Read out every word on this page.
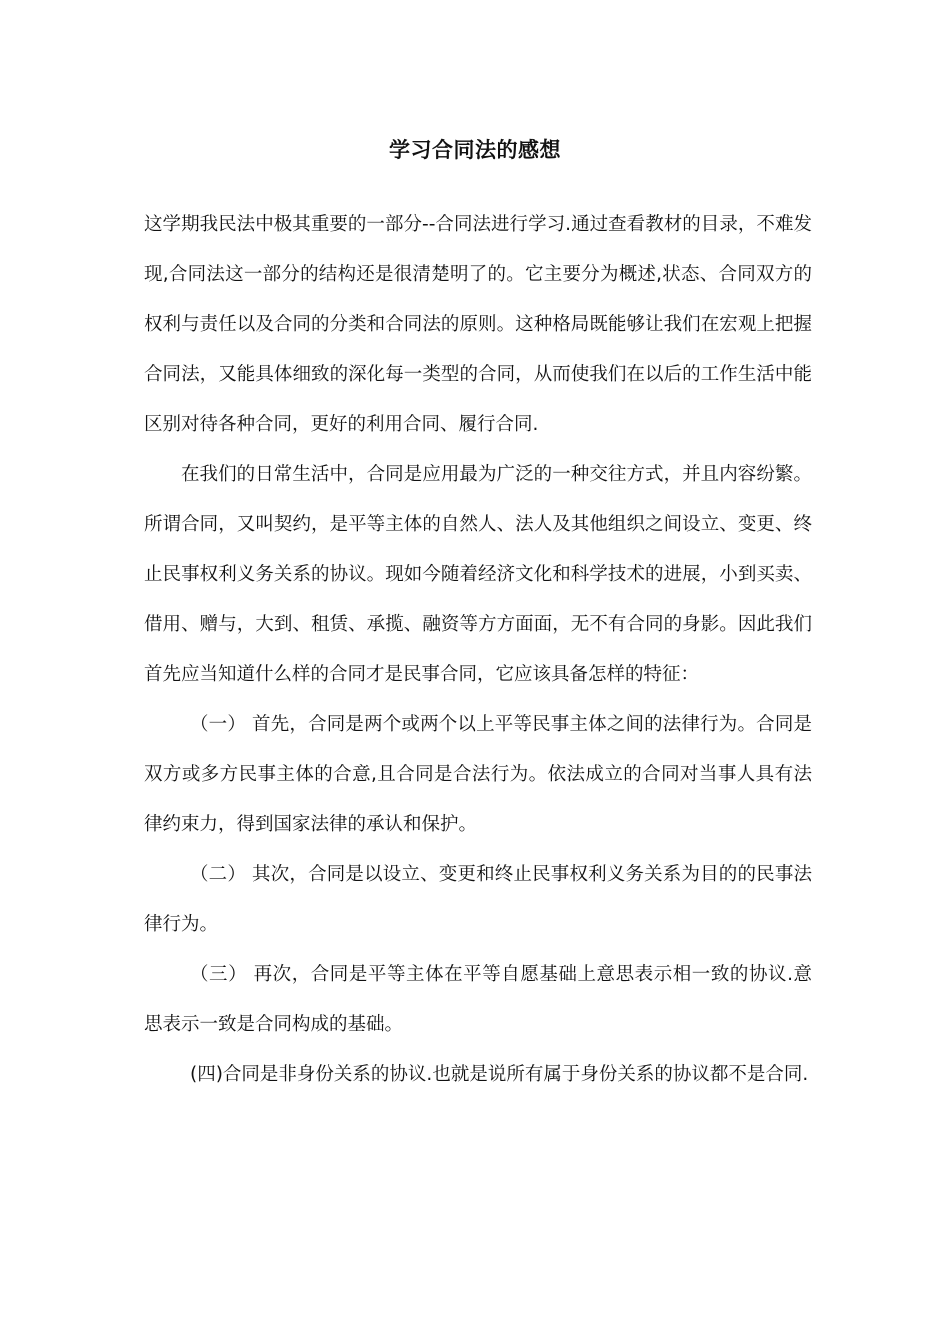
学习合同法的感想

这学期我民法中极其重要的一部分--合同法进行学习.通过查看教材的目录，不难发现,合同法这一部分的结构还是很清楚明了的。它主要分为概述,状态、合同双方的权利与责任以及合同的分类和合同法的原则。这种格局既能够让我们在宏观上把握合同法，又能具体细致的深化每一类型的合同，从而使我们在以后的工作生活中能区别对待各种合同，更好的利用合同、履行合同.

在我们的日常生活中，合同是应用最为广泛的一种交往方式，并且内容纷繁。所谓合同，又叫契约，是平等主体的自然人、法人及其他组织之间设立、变更、终止民事权利义务关系的协议。现如今随着经济文化和科学技术的进展，小到买卖、借用、赠与，大到、租赁、承揽、融资等方方面面，无不有合同的身影。因此我们首先应当知道什么样的合同才是民事合同，它应该具备怎样的特征：

（一） 首先，合同是两个或两个以上平等民事主体之间的法律行为。合同是双方或多方民事主体的合意,且合同是合法行为。依法成立的合同对当事人具有法律约束力，得到国家法律的承认和保护。

（二） 其次，合同是以设立、变更和终止民事权利义务关系为目的的民事法律行为。

（三） 再次，合同是平等主体在平等自愿基础上意思表示相一致的协议.意思表示一致是合同构成的基础。

(四)合同是非身份关系的协议.也就是说所有属于身份关系的协议都不是合同.
